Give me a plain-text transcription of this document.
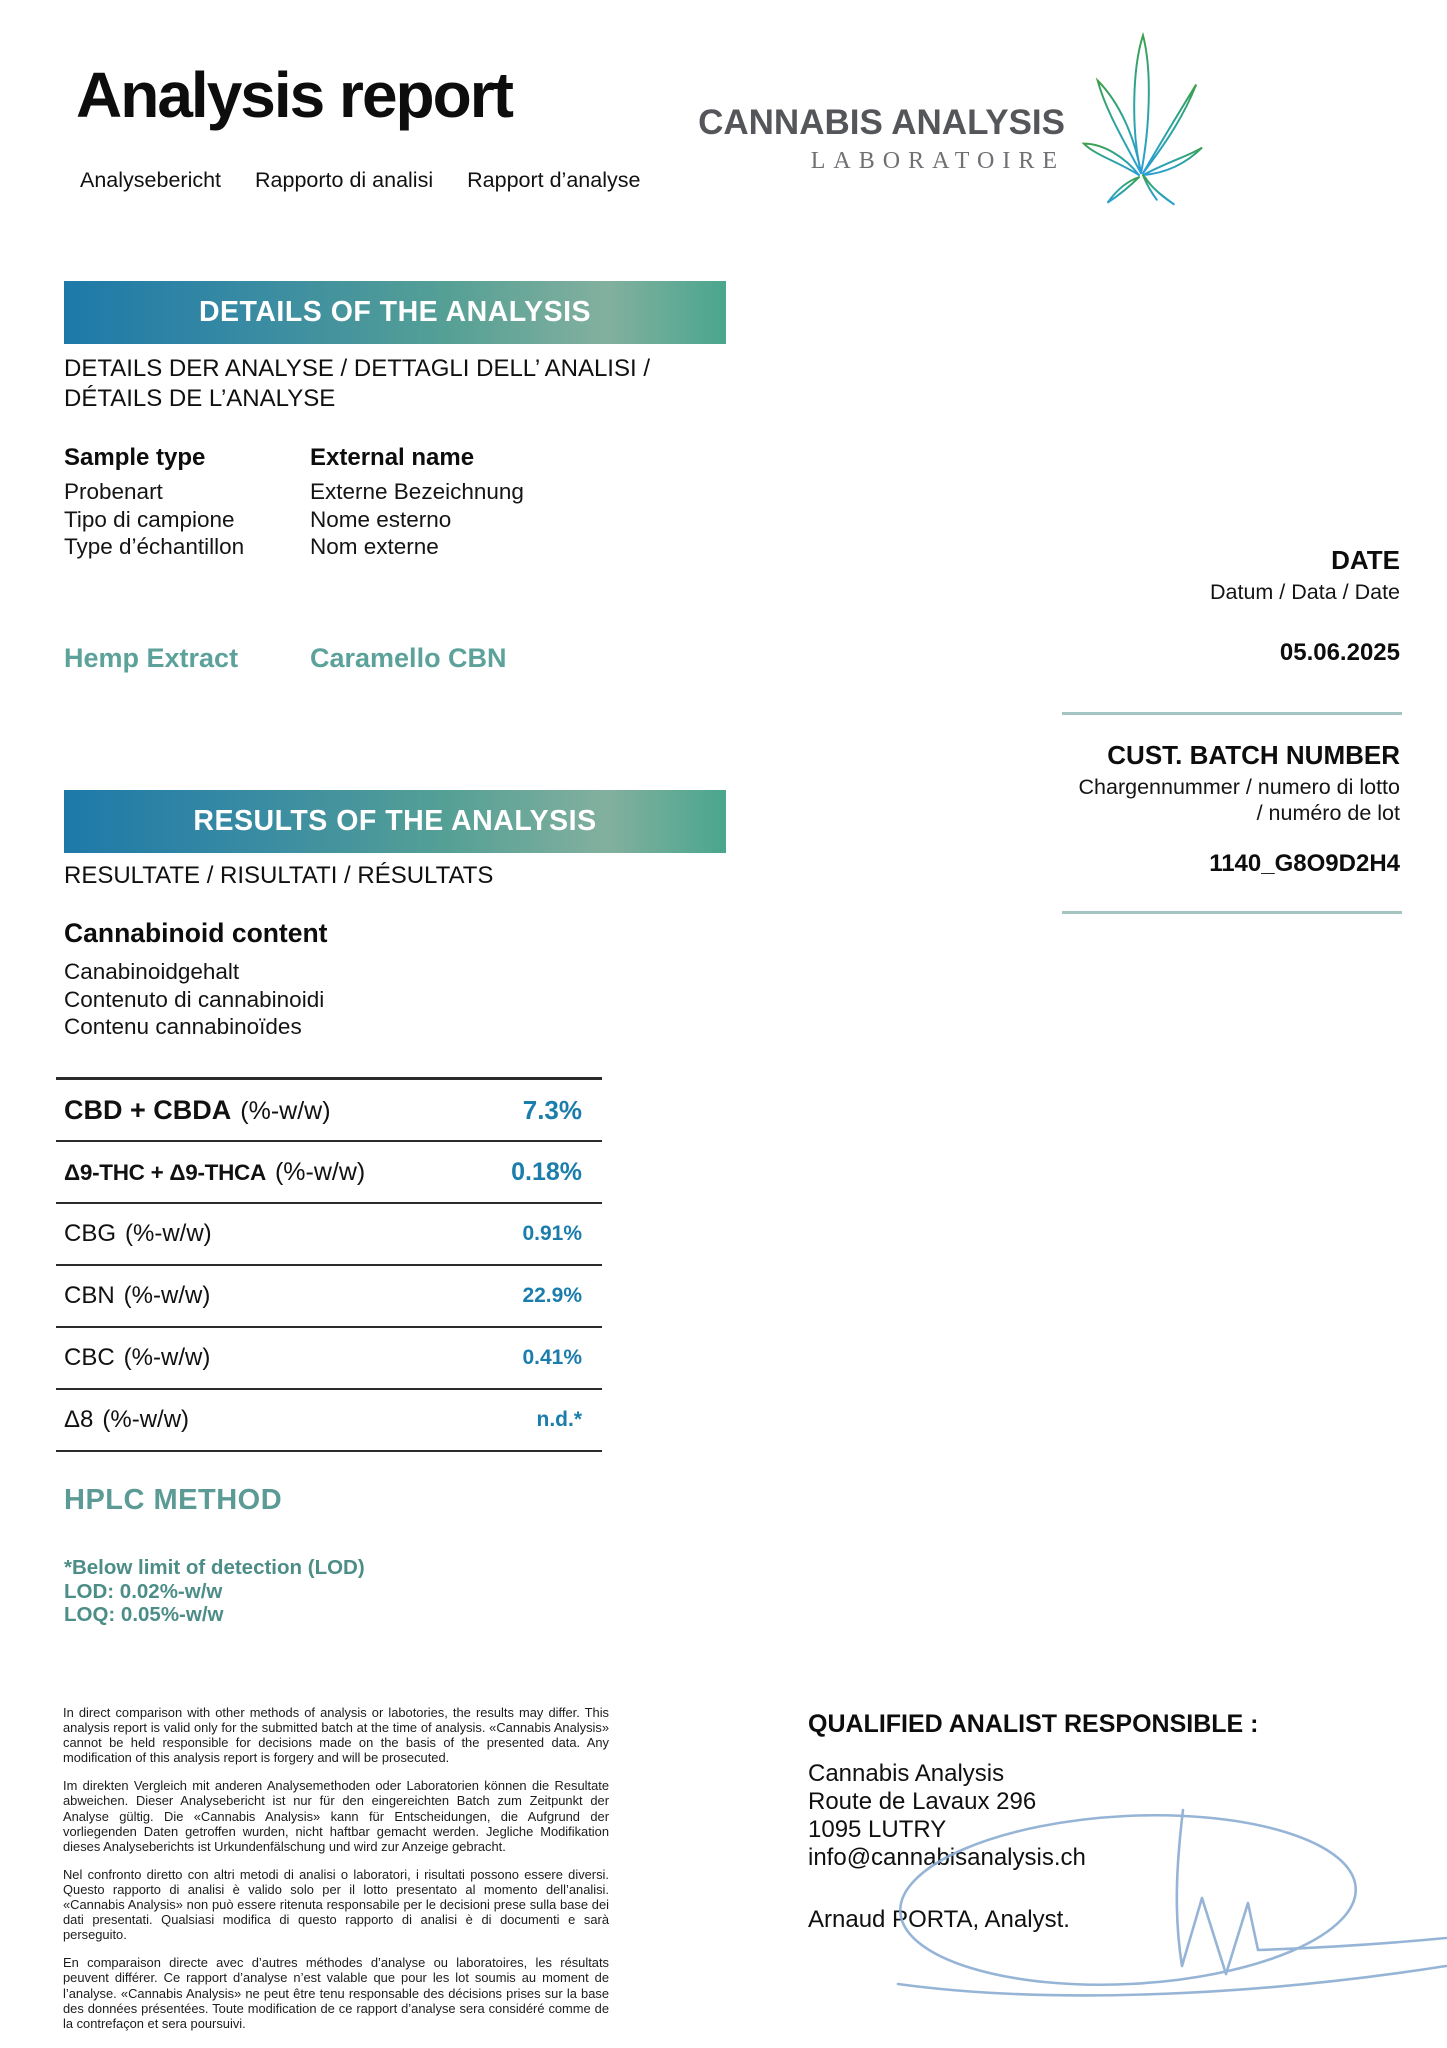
Analysis report
Analysebericht Rapporto di analisi Rapport d’analyse
CANNABIS ANALYSIS
LABORATOIRE
DETAILS OF THE ANALYSIS
DETAILS DER ANALYSE / DETTAGLI DELL’ ANALISI /
DÉTAILS DE L’ANALYSE
Sample type
Probenart
Tipo di campione
Type d’échantillon
External name
Externe Bezeichnung
Nome esterno
Nom externe
Hemp Extract	Caramello CBN
DATE
Datum / Data / Date
05.06.2025
CUST. BATCH NUMBER
Chargennummer / numero di lotto
/ numéro de lot
1140_G8O9D2H4
RESULTS OF THE ANALYSIS
RESULTATE / RISULTATI / RÉSULTATS
Cannabinoid content
Canabinoidgehalt
Contenuto di cannabinoidi
Contenu cannabinoïdes
CBD + CBDA (%-w/w)	7.3%
Δ9-THC + Δ9-THCA (%-w/w)	0.18%
CBG (%-w/w)	0.91%
CBN (%-w/w)	22.9%
CBC (%-w/w)	0.41%
Δ8 (%-w/w)	n.d.*
HPLC METHOD
*Below limit of detection (LOD)
LOD: 0.02%-w/w
LOQ: 0.05%-w/w

In direct comparison with other methods of analysis or labotories, the results may differ. This analysis report is valid only for the submitted batch at the time of analysis. «Cannabis Analysis» cannot be held responsible for decisions made on the basis of the presented data. Any modification of this analysis report is forgery and will be prosecuted.

Im direkten Vergleich mit anderen Analysemethoden oder Laboratorien können die Resultate abweichen. Dieser Analysebericht ist nur für den eingereichten Batch zum Zeitpunkt der Analyse gültig. Die «Cannabis Analysis» kann für Entscheidungen, die Aufgrund der vorliegenden Daten getroffen wurden, nicht haftbar gemacht werden. Jegliche Modifikation dieses Analyseberichts ist Urkundenfälschung und wird zur Anzeige gebracht.

Nel confronto diretto con altri metodi di analisi o laboratori, i risultati possono essere diversi. Questo rapporto di analisi è valido solo per il lotto presentato al momento dell’analisi. «Cannabis Analysis» non può essere ritenuta responsabile per le decisioni prese sulla base dei dati presentati. Qualsiasi modifica di questo rapporto di analisi è di documenti e sarà perseguito.

En comparaison directe avec d’autres méthodes d’analyse ou laboratoires, les résultats peuvent différer. Ce rapport d’analyse n’est valable que pour les lot soumis au moment de l’analyse. «Cannabis Analysis» ne peut être tenu responsable des décisions prises sur la base des données présentées. Toute modification de ce rapport d’analyse sera considéré comme de la contrefaçon et sera poursuivi.

QUALIFIED ANALIST RESPONSIBLE :
Cannabis Analysis
Route de Lavaux 296
1095 LUTRY
info@cannabisanalysis.ch
Arnaud PORTA, Analyst.
